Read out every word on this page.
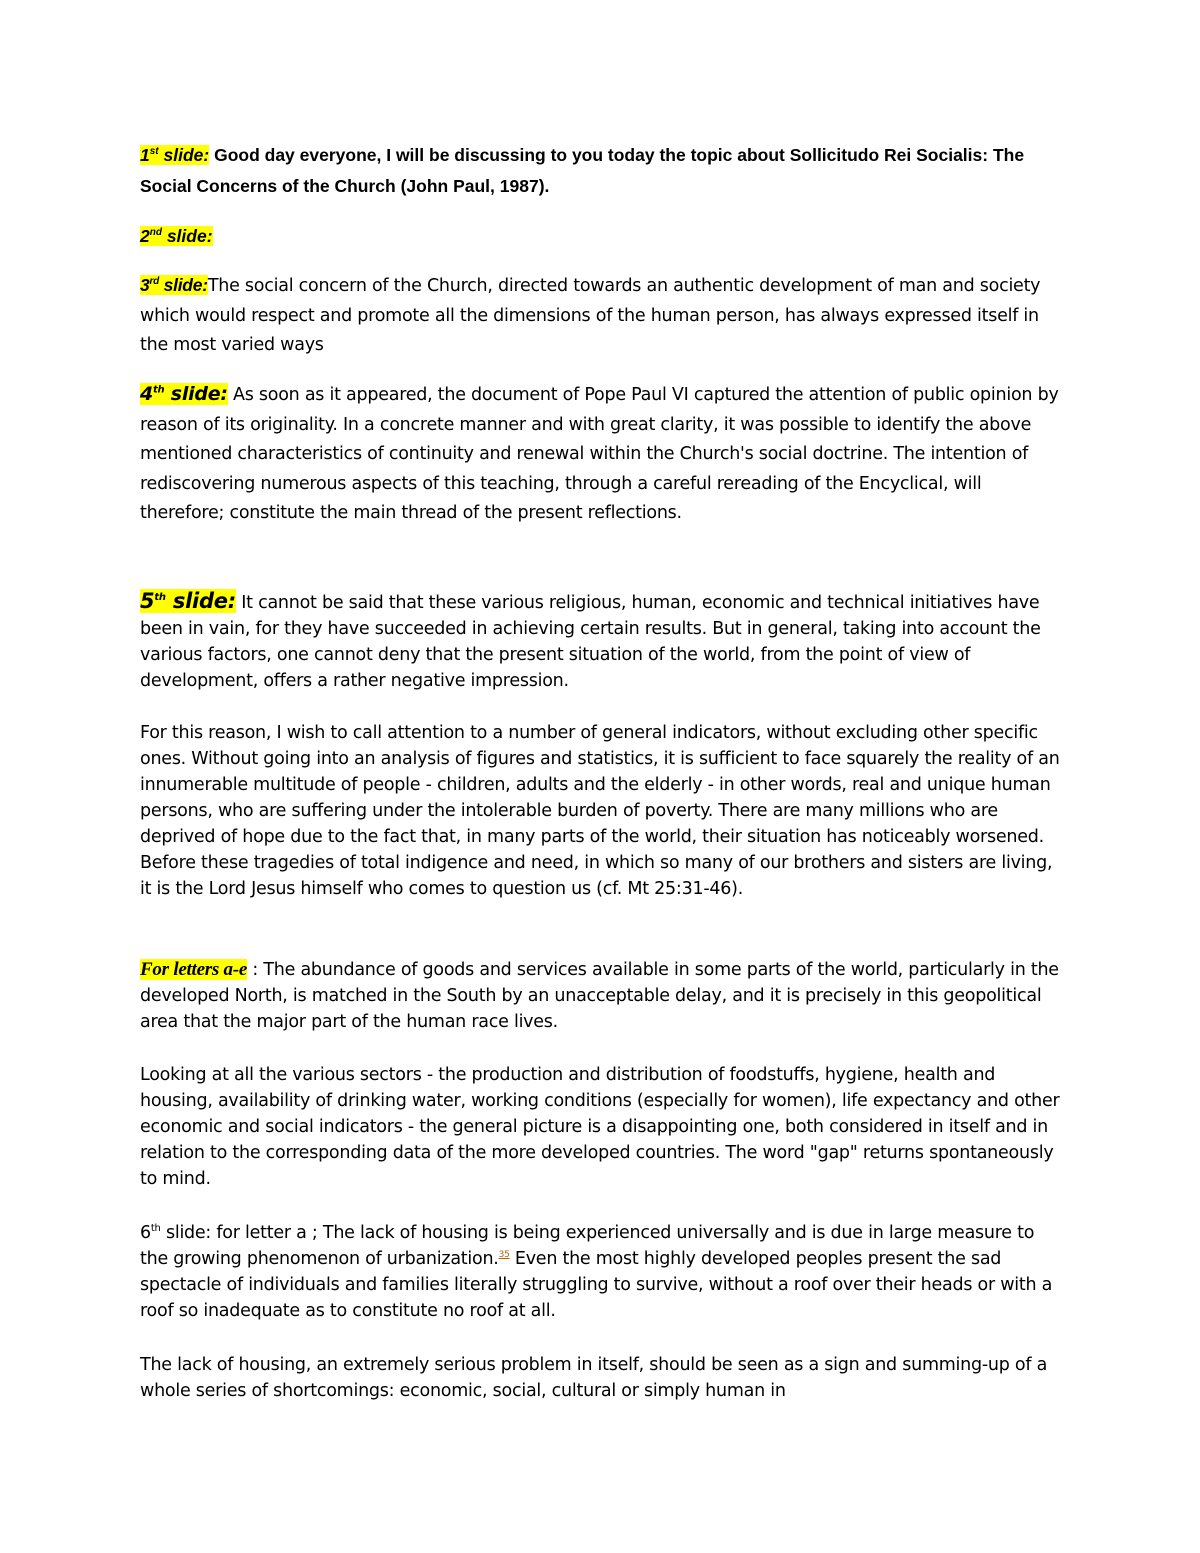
1st slide: Good day everyone, I will be discussing to you today the topic about Sollicitudo Rei Socialis: The Social Concerns of the Church (John Paul, 1987).

2nd slide:

3rd slide:The social concern of the Church, directed towards an authentic development of man and society which would respect and promote all the dimensions of the human person, has always expressed itself in the most varied ways

4th slide: As soon as it appeared, the document of Pope Paul VI captured the attention of public opinion by reason of its originality. In a concrete manner and with great clarity, it was possible to identify the above mentioned characteristics of continuity and renewal within the Church's social doctrine. The intention of rediscovering numerous aspects of this teaching, through a careful rereading of the Encyclical, will therefore; constitute the main thread of the present reflections.

5th slide: It cannot be said that these various religious, human, economic and technical initiatives have been in vain, for they have succeeded in achieving certain results. But in general, taking into account the various factors, one cannot deny that the present situation of the world, from the point of view of development, offers a rather negative impression.

For this reason, I wish to call attention to a number of general indicators, without excluding other specific ones. Without going into an analysis of figures and statistics, it is sufficient to face squarely the reality of an innumerable multitude of people - children, adults and the elderly - in other words, real and unique human persons, who are suffering under the intolerable burden of poverty. There are many millions who are deprived of hope due to the fact that, in many parts of the world, their situation has noticeably worsened. Before these tragedies of total indigence and need, in which so many of our brothers and sisters are living, it is the Lord Jesus himself who comes to question us (cf. Mt 25:31-46).

For letters a-e : The abundance of goods and services available in some parts of the world, particularly in the developed North, is matched in the South by an unacceptable delay, and it is precisely in this geopolitical area that the major part of the human race lives.

Looking at all the various sectors - the production and distribution of foodstuffs, hygiene, health and housing, availability of drinking water, working conditions (especially for women), life expectancy and other economic and social indicators - the general picture is a disappointing one, both considered in itself and in relation to the corresponding data of the more developed countries. The word "gap" returns spontaneously to mind.

6th slide: for letter a ; The lack of housing is being experienced universally and is due in large measure to the growing phenomenon of urbanization.$^{35}$ Even the most highly developed peoples present the sad spectacle of individuals and families literally struggling to survive, without a roof over their heads or with a roof so inadequate as to constitute no roof at all.

The lack of housing, an extremely serious problem in itself, should be seen as a sign and summing-up of a whole series of shortcomings: economic, social, cultural or simply human in
